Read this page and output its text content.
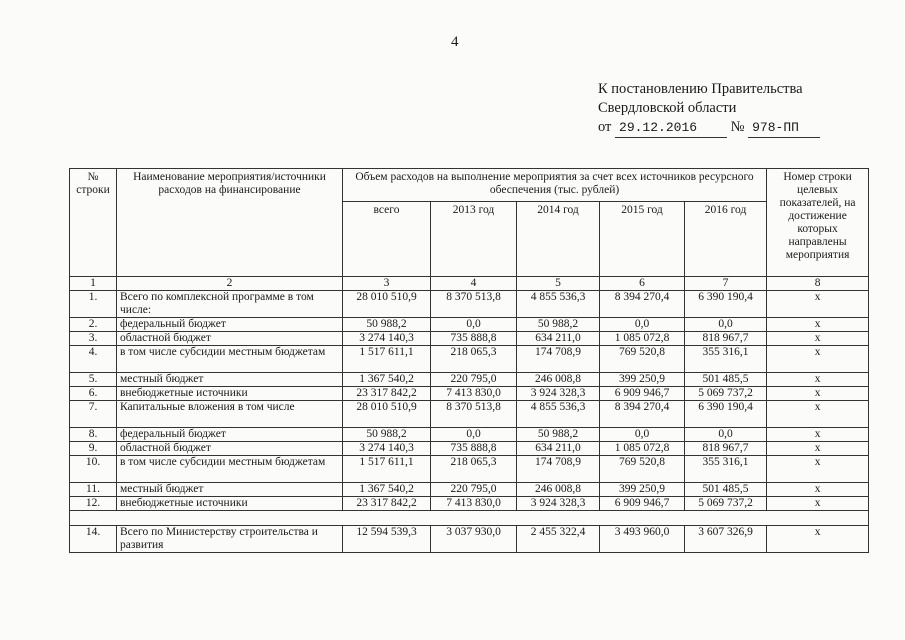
4
К постановлению Правительства
Свердловской области
от 29.12.2016 № 978-ПП
№ строки	Наименование мероприятия/источники расходов на финансирование	Объем расходов на выполнение мероприятия за счет всех источников ресурсного обеспечения (тыс. рублей)					Номер строки целевых показателей, на достижение которых направлены мероприятия
		всего	2013 год	2014 год	2015 год	2016 год	
1	2	3	4	5	6	7	8
1.	Всего по комплексной программе в том числе:	28 010 510,9	8 370 513,8	4 855 536,3	8 394 270,4	6 390 190,4	х
2.	федеральный бюджет	50 988,2	0,0	50 988,2	0,0	0,0	х
3.	областной бюджет	3 274 140,3	735 888,8	634 211,0	1 085 072,8	818 967,7	х
4.	в том числе субсидии местным бюджетам	1 517 611,1	218 065,3	174 708,9	769 520,8	355 316,1	х
5.	местный бюджет	1 367 540,2	220 795,0	246 008,8	399 250,9	501 485,5	х
6.	внебюджетные источники	23 317 842,2	7 413 830,0	3 924 328,3	6 909 946,7	5 069 737,2	х
7.	Капитальные вложения в том числе	28 010 510,9	8 370 513,8	4 855 536,3	8 394 270,4	6 390 190,4	х
8.	федеральный бюджет	50 988,2	0,0	50 988,2	0,0	0,0	х
9.	областной бюджет	3 274 140,3	735 888,8	634 211,0	1 085 072,8	818 967,7	х
10.	в том числе субсидии местным бюджетам	1 517 611,1	218 065,3	174 708,9	769 520,8	355 316,1	х
11.	местный бюджет	1 367 540,2	220 795,0	246 008,8	399 250,9	501 485,5	х
12.	внебюджетные источники	23 317 842,2	7 413 830,0	3 924 328,3	6 909 946,7	5 069 737,2	х

14.	Всего по Министерству строительства и развития	12 594 539,3	3 037 930,0	2 455 322,4	3 493 960,0	3 607 326,9	х
